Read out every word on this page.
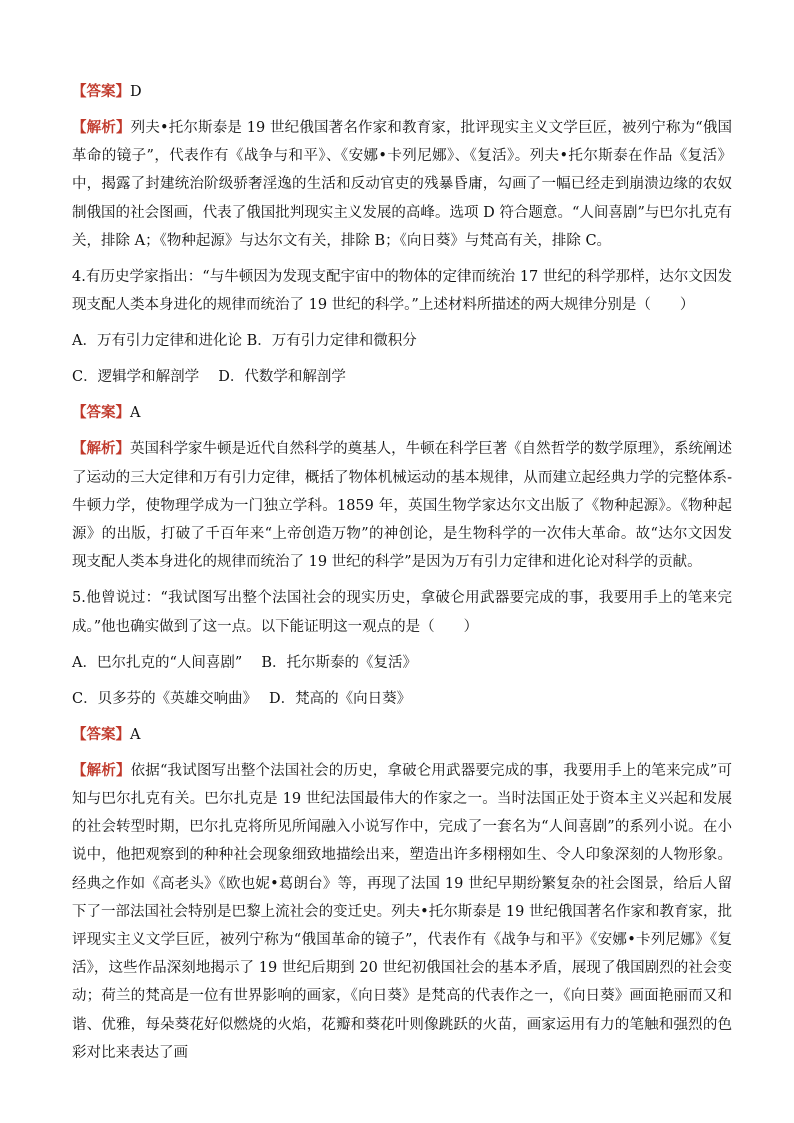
【答案】D

【解析】列夫•托尔斯泰是 19 世纪俄国著名作家和教育家，批评现实主义文学巨匠，被列宁称为“俄国革命的镜子”，代表作有《战争与和平》、《安娜•卡列尼娜》、《复活》。列夫•托尔斯泰在作品《复活》中，揭露了封建统治阶级骄奢淫逸的生活和反动官吏的残暴昏庸，勾画了一幅已经走到崩溃边缘的农奴制俄国的社会图画，代表了俄国批判现实主义发展的高峰。选项 D 符合题意。“人间喜剧”与巴尔扎克有关，排除 A；《物种起源》与达尔文有关，排除 B；《向日葵》与梵高有关，排除 C。

4.有历史学家指出：“与牛顿因为发现支配宇宙中的物体的定律而统治 17 世纪的科学那样，达尔文因发现支配人类本身进化的规律而统治了 19 世纪的科学。”上述材料所描述的两大规律分别是（　　）

A．万有引力定律和进化论 B．万有引力定律和微积分

C．逻辑学和解剖学　 D．代数学和解剖学

【答案】A

【解析】英国科学家牛顿是近代自然科学的奠基人，牛顿在科学巨著《自然哲学的数学原理》，系统阐述了运动的三大定律和万有引力定律，概括了物体机械运动的基本规律，从而建立起经典力学的完整体系-牛顿力学，使物理学成为一门独立学科。1859 年，英国生物学家达尔文出版了《物种起源》。《物种起源》的出版，打破了千百年来“上帝创造万物”的神创论，是生物科学的一次伟大革命。故“达尔文因发现支配人类本身进化的规律而统治了 19 世纪的科学”是因为万有引力定律和进化论对科学的贡献。

5.他曾说过：“我试图写出整个法国社会的现实历史，拿破仑用武器要完成的事，我要用手上的笔来完成。”他也确实做到了这一点。以下能证明这一观点的是（　　）

A．巴尔扎克的“人间喜剧”　 B．托尔斯泰的《复活》

C．贝多芬的《英雄交响曲》　 D．梵高的《向日葵》

【答案】A

【解析】依据“我试图写出整个法国社会的历史，拿破仑用武器要完成的事，我要用手上的笔来完成”可知与巴尔扎克有关。巴尔扎克是 19 世纪法国最伟大的作家之一。当时法国正处于资本主义兴起和发展的社会转型时期，巴尔扎克将所见所闻融入小说写作中，完成了一套名为“人间喜剧”的系列小说。在小说中，他把观察到的种种社会现象细致地描绘出来，塑造出许多栩栩如生、令人印象深刻的人物形象。经典之作如《高老头》《欧也妮•葛朗台》等，再现了法国 19 世纪早期纷繁复杂的社会图景，给后人留下了一部法国社会特别是巴黎上流社会的变迁史。列夫•托尔斯泰是 19 世纪俄国著名作家和教育家，批评现实主义文学巨匠，被列宁称为“俄国革命的镜子”，代表作有《战争与和平》《安娜•卡列尼娜》《复活》，这些作品深刻地揭示了 19 世纪后期到 20 世纪初俄国社会的基本矛盾，展现了俄国剧烈的社会变动；荷兰的梵高是一位有世界影响的画家，《向日葵》是梵高的代表作之一，《向日葵》画面艳丽而又和谐、优雅，每朵葵花好似燃烧的火焰，花瓣和葵花叶则像跳跃的火苗，画家运用有力的笔触和强烈的色彩对比来表达了画
